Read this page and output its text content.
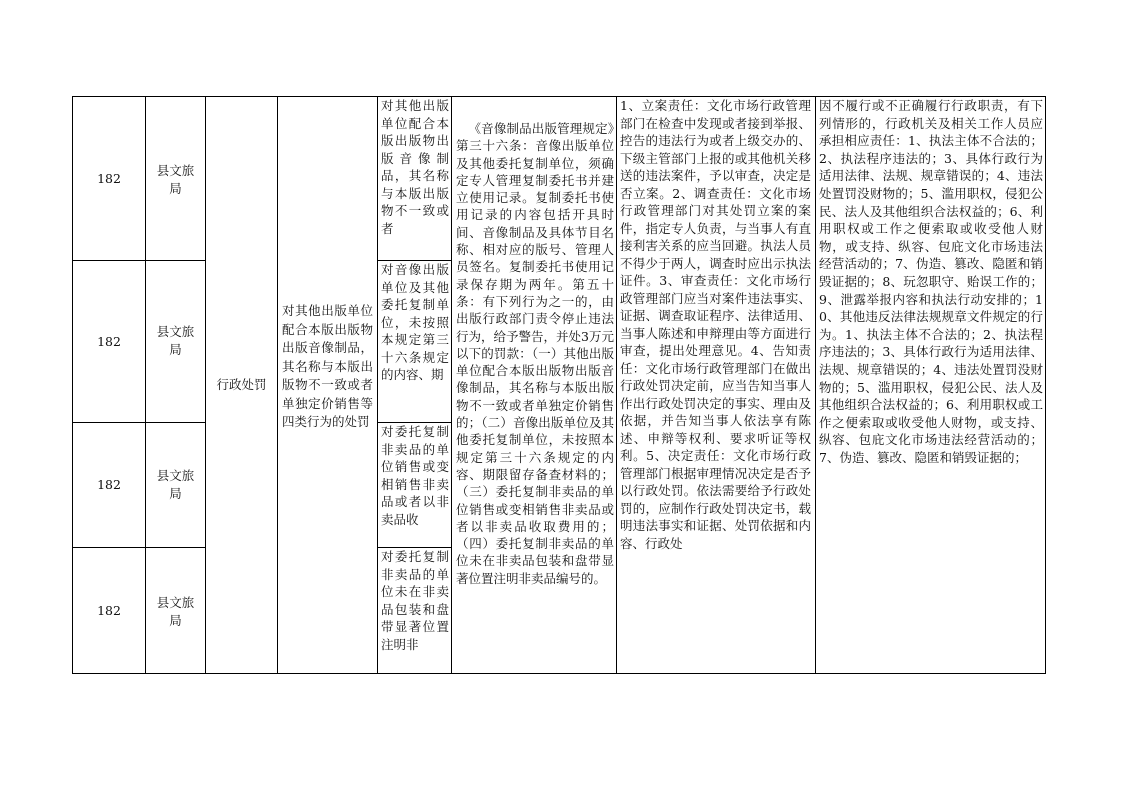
182	县文旅局
对其他出版单位配合本版出版物出版音像制品，其名称与本版出版物不一致或者
182
县文旅局
对音像出版单位及其他委托复制单位，未按照本规定第三十六条规定的内容、期
182
县文旅局
对委托复制非卖品的单位销售或变相销售非卖品或者以非卖品收
182	县文旅局
对委托复制非卖品的单位未在非卖品包装和盘带显著位置注明非
行政处罚
对其他出版单位配合本版出版物出版音像制品，其名称与本版出版物不一致或者单独定价销售等四类行为的处罚
《音像制品出版管理规定》第三十六条：音像出版单位及其他委托复制单位，须确定专人管理复制委托书并建立使用记录。复制委托书使用记录的内容包括开具时间、音像制品及具体节目名称、相对应的版号、管理人员签名。复制委托书使用记录保存期为两年。第五十条：有下列行为之一的，由出版行政部门责令停止违法行为，给予警告，并处3万元以下的罚款：（一）其他出版单位配合本版出版物出版音像制品，其名称与本版出版物不一致或者单独定价销售的；（二）音像出版单位及其他委托复制单位，未按照本规定第三十六条规定的内容、期限留存备查材料的；（三）委托复制非卖品的单位销售或变相销售非卖品或者以非卖品收取费用的；（四）委托复制非卖品的单位未在非卖品包装和盘带显著位置注明非卖品编号的。
1、立案责任：文化市场行政管理部门在检查中发现或者接到举报、控告的违法行为或者上级交办的、下级主管部门上报的或其他机关移送的违法案件，予以审查，决定是否立案。2、调查责任：文化市场行政管理部门对其处罚立案的案件，指定专人负责，与当事人有直接利害关系的应当回避。执法人员不得少于两人，调查时应出示执法证件。3、审查责任：文化市场行政管理部门应当对案件违法事实、证据、调查取证程序、法律适用、当事人陈述和申辩理由等方面进行审查，提出处理意见。4、告知责任：文化市场行政管理部门在做出行政处罚决定前，应当告知当事人作出行政处罚决定的事实、理由及依据，并告知当事人依法享有陈述、申辩等权利、要求听证等权利。5、决定责任：文化市场行政管理部门根据审理情况决定是否予以行政处罚。依法需要给予行政处罚的，应制作行政处罚决定书，载明违法事实和证据、处罚依据和内容、行政处
因不履行或不正确履行行政职责，有下列情形的，行政机关及相关工作人员应承担相应责任：1、执法主体不合法的；2、执法程序违法的；3、具体行政行为适用法律、法规、规章错误的；4、违法处置罚没财物的；5、滥用职权，侵犯公民、法人及其他组织合法权益的；6、利用职权或工作之便索取或收受他人财物，或支持、纵容、包庇文化市场违法经营活动的；7、伪造、篡改、隐匿和销毁证据的；8、玩忽职守、贻误工作的；9、泄露举报内容和执法行动安排的；10、其他违反法律法规规章文件规定的行为。1、执法主体不合法的；2、执法程序违法的；3、具体行政行为适用法律、法规、规章错误的；4、违法处置罚没财物的；5、滥用职权，侵犯公民、法人及其他组织合法权益的；6、利用职权或工作之便索取或收受他人财物，或支持、纵容、包庇文化市场违法经营活动的；7、伪造、篡改、隐匿和销毁证据的；
